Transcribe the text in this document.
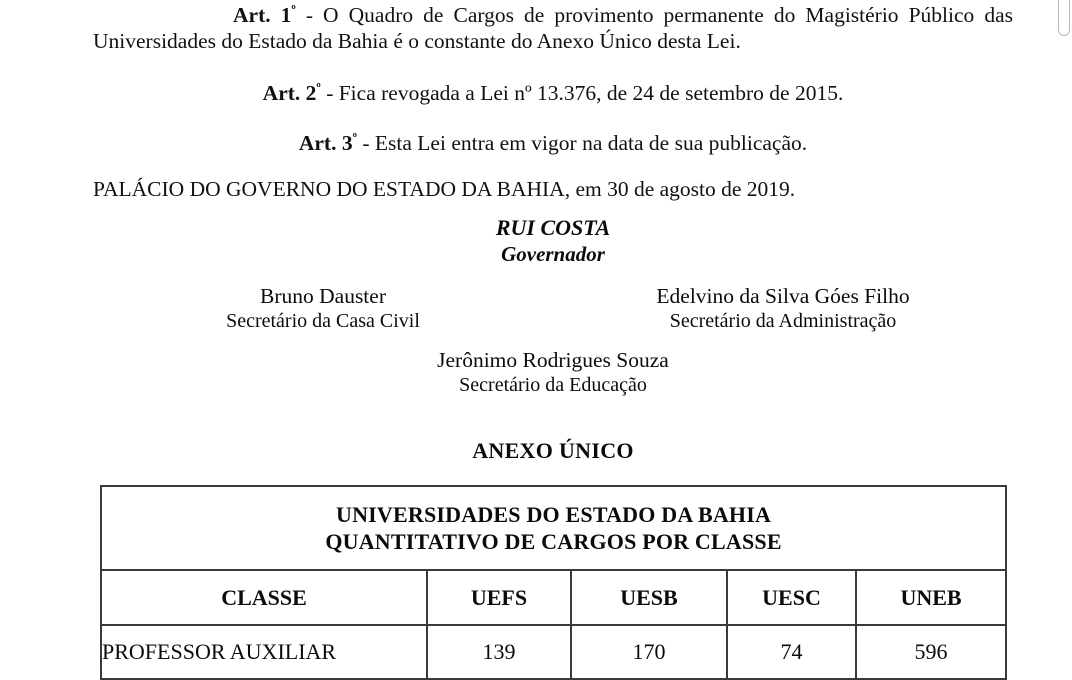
Art. $1^º$ - O Quadro de Cargos de provimento permanente do Magistério Público das Universidades do Estado da Bahia é o constante do Anexo Único desta Lei.

Art. $2^º$ - Fica revogada a Lei nº 13.376, de 24 de setembro de 2015.

Art. $3^º$ - Esta Lei entra em vigor na data de sua publicação.

PALÁCIO DO GOVERNO DO ESTADO DA BAHIA, em 30 de agosto de 2019.

RUI COSTA
Governador
Bruno Dauster
Secretário da Casa Civil
Edelvino da Silva Góes Filho
Secretário da Administração
Jerônimo Rodrigues Souza
Secretário da Educação
ANEXO ÚNICO
UNIVERSIDADES DO ESTADO DA BAHIA
QUANTITATIVO DE CARGOS POR CLASSE				

CLASSE	UEFS	UESB	UESC	UNEB
PROFESSOR AUXILIAR	139	170	74	596
